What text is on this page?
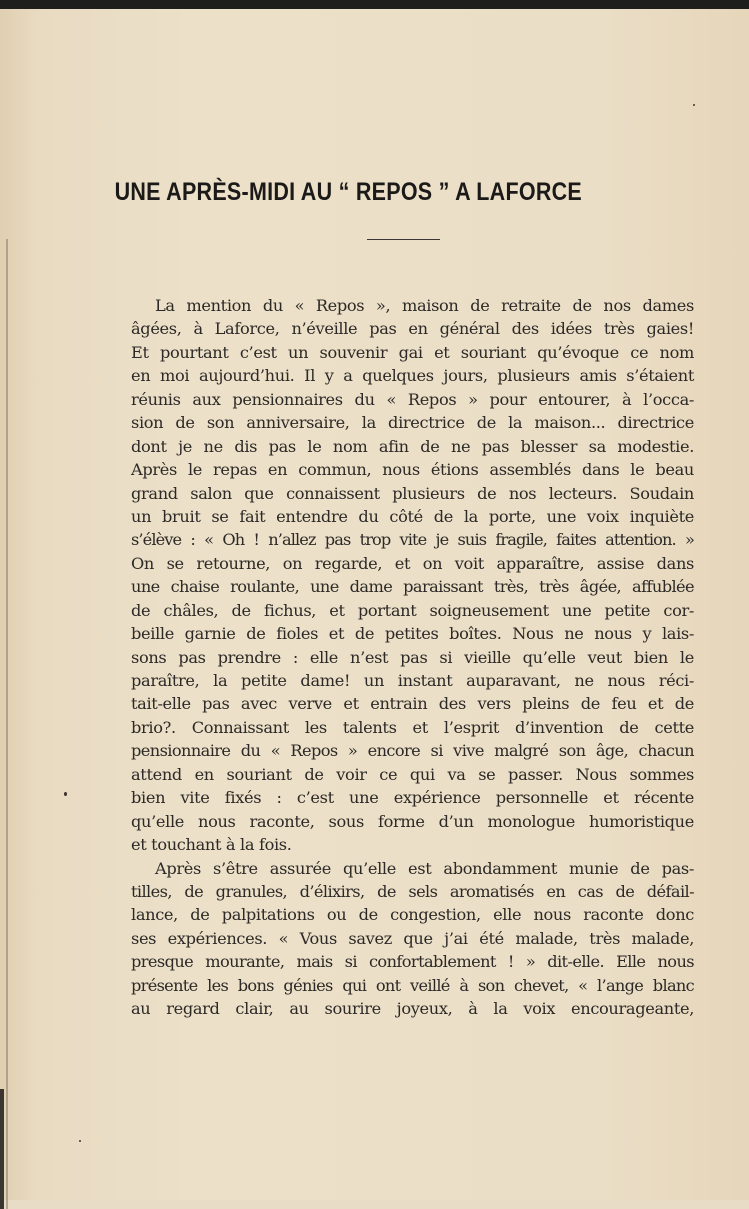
UNE APRÈS-MIDI AU “ REPOS ” A LAFORCE
La mention du « Repos », maison de retraite de nos dames
âgées, à Laforce, n’éveille pas en général des idées très gaies!
Et pourtant c’est un souvenir gai et souriant qu’évoque ce nom
en moi aujourd’hui. Il y a quelques jours, plusieurs amis s’étaient
réunis aux pensionnaires du « Repos » pour entourer, à l’occa-
sion de son anniversaire, la directrice de la maison... directrice
dont je ne dis pas le nom afin de ne pas blesser sa modestie.
Après le repas en commun, nous étions assemblés dans le beau
grand salon que connaissent plusieurs de nos lecteurs. Soudain
un bruit se fait entendre du côté de la porte, une voix inquiète
s’élève : « Oh ! n’allez pas trop vite je suis fragile, faites attention. »
On se retourne, on regarde, et on voit apparaître, assise dans
une chaise roulante, une dame paraissant très, très âgée, affublée
de châles, de fichus, et portant soigneusement une petite cor-
beille garnie de fioles et de petites boîtes. Nous ne nous y lais-
sons pas prendre : elle n’est pas si vieille qu’elle veut bien le
paraître, la petite dame! un instant auparavant, ne nous réci-
tait-elle pas avec verve et entrain des vers pleins de feu et de
brio?. Connaissant les talents et l’esprit d’invention de cette
pensionnaire du « Repos » encore si vive malgré son âge, chacun
attend en souriant de voir ce qui va se passer. Nous sommes
bien vite fixés : c’est une expérience personnelle et récente
qu’elle nous raconte, sous forme d’un monologue humoristique
et touchant à la fois.
Après s’être assurée qu’elle est abondamment munie de pas-
tilles, de granules, d’élixirs, de sels aromatisés en cas de défail-
lance, de palpitations ou de congestion, elle nous raconte donc
ses expériences. « Vous savez que j’ai été malade, très malade,
presque mourante, mais si confortablement ! » dit-elle. Elle nous
présente les bons génies qui ont veillé à son chevet, « l’ange blanc
au regard clair, au sourire joyeux, à la voix encourageante,
